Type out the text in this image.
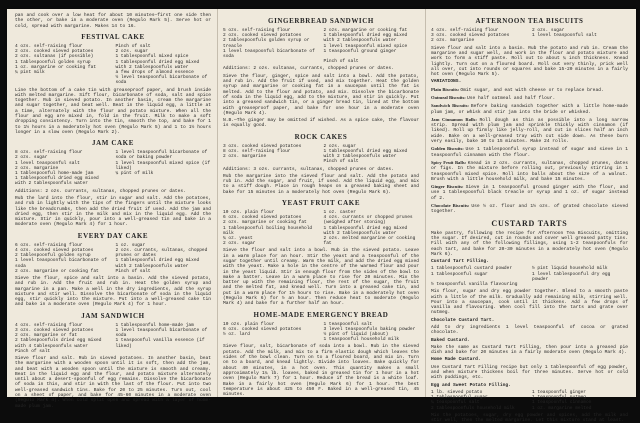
pan and cook over a low heat for about 10 minutes—first one side then the other, or bake in a moderate oven (Regulo Mark 5). Serve hot or cold, spread with margarine. Makes 14 to 16.

FESTIVAL CAKE
4 ozs. self-raising flour	Pinch of salt
2 ozs. cooked sieved potatoes	2 ozs. sugar
2 ozs. sultanas (if possible)	1 tablespoonful mixed spice
1 tablespoonful golden syrup	1 tablespoonful dried egg mixed
1 oz. margarine or cooking fat	with 2 tablespoonfuls water
¼ pint milk	a few drops of almond essence
½ level teaspoonful bicarbonate of soda

Line the bottom of a cake tin with greaseproof paper, and brush inside with melted margarine. Sift flour, bicarbonate of soda, salt and spice together. Rub in sieved potato. In another basin, cream the margarine and sugar together, and beat well. Beat in the liquid egg, a little at a time, alternately with the flour and potato mixture. When all the flour and egg are mixed in, fold in the fruit. Milk to make a soft dropping consistency. Turn into the tin, smooth the top, and bake for 1 to 1½ hours in a moderately hot oven (Regulo Mark 5) and 1 to 1½ hours longer in a slow oven (Regulo Mark 2).

JAM CAKE
8 ozs. self-raising flour	1 level teaspoonful bicarbonate of
2 ozs. sugar	soda or baking powder
1 level teaspoonful salt	1 level teaspoonful mixed spice (if
2 ozs. margarine	liked)
1 tablespoonful home-made jam	¼ pint of milk
1 tablespoonful dried egg mixed
with 2 tablespoonfuls water

Additions: 2 ozs. currants, sultanas, chopped prunes or dates.

Rub the lard into the flour, stir in sugar and salt. Add the potatoes, and rub in lightly with the tips of the fingers until the mixture looks like the breadcrumbs, then add the dried fruit if used. Add the jam and dried egg, then stir in the milk and mix in the liquid egg. Add the mixture. Stir in quickly, pour into a well-greased tin and bake in a moderate oven (Regulo Mark 4) for 1 hour.

EVERY DAY CAKE
6 ozs. self-raising flour	1 oz. sugar
4 ozs. cooked sieved potatoes	2 ozs. currants, sultanas, chopped
2 tablespoonful golden syrup	prunes or dates
1 level teaspoonful bicarbonate of	1 tablespoonful dried egg mixed
soda	with 2 tablespoonfuls water
2 ozs. margarine or cooking fat	Pinch of salt

Sieve the flour, spice and salt into a basin. Add the sieved potato, and rub in. Add the fruit and rub in. Heat the golden syrup and margarine in a pan. Make a well in the dry ingredients, add the syrup mixture and stir well. Dissolve the bicarbonate of soda in the liquid egg, stir quickly into the mixture. Put into a well-greased cake tin and bake in a moderate oven (Regulo Mark 4) for 1 hour.

JAM SANDWICH
4 ozs. self-raising flour	1 tablespoonful home-made jam
3 ozs. cooked sieved potatoes	1 level teaspoonful bicarbonate of
2 ozs. margarine or fat	soda
2 tablespoonfuls dried egg mixed	1 teaspoonful vanilla essence (if
with 4 tablespoonfuls water	liked)
Pinch of salt

Sieve flour and salt. Rub in sieved potatoes. In another basin, beat the margarine with a wooden spoon until it is soft, then add the jam, and beat with a wooden spoon until the mixture is smooth and creamy. Beat in the liquid egg and the flour, and potato mixture alternately until about a desert-spoonful of egg remains. Dissolve the bicarbonate of soda in this, and stir in with the last of the flour. Put into two well-greased sandwich tins. Bake for 20 to 25 minutes. Turn out, cool on a sheet of paper, and bake for 45-60 minutes in a moderate oven (Regulo Mark 4). When cold split open and spread with a layer of home-made plum jam.

GINGERBREAD SANDWICH
5 ozs. self-raising flour	2 ozs. margarine or cooking fat
2 ozs. cooked sieved potatoes	1 tablespoonful dried egg mixed
2 tablespoonfuls golden syrup or	with 2 tablespoonfuls water
treacle	1 level teaspoonful mixed spice
1 level teaspoonful bicarbonate of soda
1 teaspoonful ground ginger
Pinch of salt

Additions: 2 ozs. sultanas, currants, chopped prunes or dates.

Sieve the flour, ginger, spice and salt into a bowl. Add the potato, and rub in. Add the fruit if used, and mix together. Heat the golden syrup and margarine or cooking fat in a saucepan until the fat is melted. Add to the flour and potato, and mix. Dissolve the bicarbonate of soda in the liquid egg, add to the mixture, and stir in quickly. Put into a greased sandwich tin, or a ginger bread tin, lined at the bottom with greaseproof paper, and bake for one hour in a moderate oven (Regulo Mark 4).

N.B.—The ginger may be omitted if wished. As a spice cake, the flavour is equally good.

ROCK CAKES
3 ozs. cooked sieved potatoes	2 ozs. sugar
8 ozs. self-raising flour	1 tablespoonful dried egg mixed
2 ozs. margarine	with 2 tablespoonfuls water
Pinch of salt

Additions: 3 ozs. currants, sultanas, chopped prunes or dates.

Rub the margarine into the sieved flour and salt. Add the potato and rub in. Add the sugar, and fruit, if used. Add the liquid egg, and mix to a stiff dough. Place in rough heaps on a greased baking sheet and bake for 15 minutes in a moderately hot oven (Regulo Mark 6).

YEAST FRUIT CAKE
10 ozs. plain flour	1 oz. caster
6 ozs. cooked sieved potatoes	4 ozs. currants or chopped prunes
2 ozs. margarine or cooking fat	(weighed after stoning)
1 tablespoonful boiling household	1 tablespoonful dried egg mixed
milk	with 2 tablespoonfuls water
¾ oz. yeast	2 ozs. melted margarine or cooking
2 ozs. sugar	fat

Sieve the flour and salt into a bowl. Rub in the sieved potato. Leave in a warm place for an hour. Stir the yeast and a teaspoonful of the sugar together until creamy. Warm the milk, and add the dried egg mixed with the yeast. Make a hole in the centre of the warmed flour and pour in the yeast liquid. Stir in enough flour from the sides of the bowl to make a batter. Leave in a warm place to rise for 20 minutes. Mix the batter up with the remaining flour, the rest of the sugar, the fruit and the melted fat, and knead well. Turn into a greased cake tin, and put in a warm place for 1½ hours to rise. Bake in a moderately hot oven (Regulo Mark 6) for ½ an hour. Then reduce heat to moderate (Regulo Mark 4) and bake for a further half an hour.

HOME-MADE EMERGENCY BREAD
10 ozs. plain flour	1 teaspoonful salt
6 ozs. cooked sieved potatoes	3 level teaspoonfuls baking powder
½ oz. lard	½ pint of liquid (about)
1 teaspoonful household milk

Sieve flour, salt, bicarbonate of soda into a bowl. Rub in the sieved potato. Add the milk, and mix to a firm elastic dough which leaves the sides of the bowl clean. Turn on to a floured board, and mix in. Turn on to a board, and knead lightly. Divide into loaves. Bake quickly for about 40 minutes, in a hot oven. This quantity makes a small approximately 1¼ lb. loaves, baked in greased tin for 1 hour in a hot oven (Regulo Mark 7) for 1 hour. Reduce if the bread is a white loaf. Bake in a fairly hot oven (Regulo Mark 6) for 1 hour. The best temperature is about 425 to 450 F. Baked in a well-greased tin, 45 minutes.

AFTERNOON TEA BISCUITS
4 ozs. self-raising flour	2 ozs. sugar
3 ozs. cooked sieved potatoes	1 level teaspoonful salt
2 ozs. margarine

Sieve flour and salt into a basin. Rub the potato and rub in. Cream the margarine and sugar well, and work in the flour and potato mixture and work to form a stiff paste. Roll out to about ¼ inch thickness. Knead lightly. Turn out on a floured board. Roll out very thinly, prick well all over, cut into rounds or squares and bake 15-20 minutes in a fairly hot oven (Regulo Mark 5).

VARIATIONS.

Plain Biscuits: Omit sugar, and eat with cheese or to replace bread.

Oatmeal Biscuits: Use half oatmeal and half flour.

Sandwich Biscuits: Before baking sandwich together with a little home-made plum jam, or whisk and stir jam into the bride or whisked.

Jam Cinnamon Rolls: Roll dough as thin as possible into a long narrow strip. Spread with plum jam and sprinkle thickly with cinnamon (if liked). Roll up firmly like jelly-roll, and cut in slices half an inch wide. Bake on a well-greased tray with cut side down. As these burn very easily, bake 10 to 15 minutes. Make 24 rolls.

Golden Biscuits: Use 1 tablespoonful syrup instead of sugar and sieve in 1 teaspoonful cinnamon with the flour.

Spicy Fruit Balls: Knead in 2 ozs. currants, sultanas, chopped prunes, dates or figs. In the mixture before rolling out, previously stirring in 1 teaspoonful mixed spice. Roll into balls about the size of a walnut. Brush with a little household milk, and bake 15 minutes.

Ginger Biscuits: Sieve in 1 teaspoonful ground ginger with the flour, and use 1 tablespoonful black treacle or syrup and 1 oz. of sugar instead of 2.

Chocolate Biscuits: Use ½ oz. flour and 1½ ozs. of grated chocolate sieved together.

CUSTARD TARTS

Make pastry, following the recipe for Afternoon Tea Biscuits, omitting the sugar. If desired, cut in rounds and cover well greased patty tins. Fill with any of the following fillings, using 1-2 teaspoonfuls for each tart, and bake for 20-30 minutes in a moderately hot oven (Regulo Mark 6).

Custard Tart Filling.

1 tablespoonful custard powder	½ pint liquid household milk
1 tablespoonful sugar	1 level tablespoonful dry egg powder
½ teaspoonful vanilla flavouring

Mix flour, sugar and dry egg powder together. Blend to a smooth paste with a little of the milk. Gradually add remaining milk, stirring well. Pour into a saucepan, cook until it thickens. Add a few drops of vanilla and flavouring. When cool fill into the tarts and grate over nutmeg.

Chocolate Custard Tart.

Add to dry ingredients 1 level teaspoonful of cocoa or grated chocolate.

Baked Custard.

Make the same as Custard Tart Filling, then pour into a greased pie dish and bake for 20 minutes in a fairly moderate oven (Regulo Mark 4).

Home Made Custard.

Use Custard Tart Filling recipe but only 1 tablespoonful of egg powder, and when mixture thickens boil for three minutes. Serve hot or cold with puddings, etc.

Egg and Sweet Potato Filling.

1 lb. sieved potato	1 teaspoonful ginger
1 tablespoonful sugar	1 teaspoonful nutmeg
¼ teaspoonful salt	1 teaspoonful cinnamon
2 tablespoonfuls household milk	1 oz. margarine melted

Mix the potatoes, sugar, dry egg powder and spices, add the milk and stir well, then the melted margarine. Let this mixture stand at least.
